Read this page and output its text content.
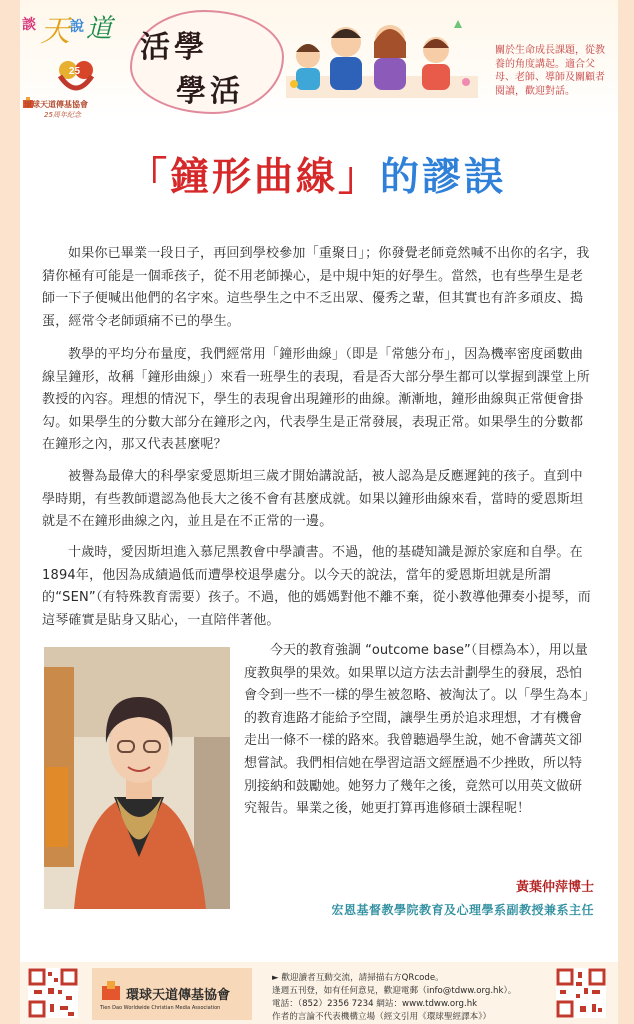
談 天 說 道
25
環球天道傳基協會
25周年紀念
活學
學活
關於生命成長課題，從教養的角度講起。適合父母、老師、導師及關顧者閱讀，歡迎對話。
「鐘形曲線」的謬誤
如果你已畢業一段日子，再回到學校參加「重聚日」；你發覺老師竟然喊不出你的名字，我猜你極有可能是一個乖孩子，從不用老師操心，是中規中矩的好學生。當然，也有些學生是老師一下子便喊出他們的名字來。這些學生之中不乏出眾、優秀之輩，但其實也有許多頑皮、搗蛋，經常令老師頭痛不已的學生。
教學的平均分布量度，我們經常用「鐘形曲線」（即是「常態分布」，因為機率密度函數曲線呈鐘形，故稱「鐘形曲線」）來看一班學生的表現，看是否大部分學生都可以掌握到課堂上所教授的內容。理想的情況下，學生的表現會出現鐘形的曲線。漸漸地，鐘形曲線與正常便會掛勾。如果學生的分數大部分在鐘形之內，代表學生是正常發展，表現正常。如果學生的分數都在鐘形之內，那又代表甚麼呢？
被譽為最偉大的科學家愛恩斯坦三歲才開始講說話，被人認為是反應遲鈍的孩子。直到中學時期，有些教師還認為他長大之後不會有甚麼成就。如果以鐘形曲線來看，當時的愛恩斯坦就是不在鐘形曲線之內，並且是在不正常的一邊。
十歲時，愛因斯坦進入慕尼黑教會中學讀書。不過，他的基礎知識是源於家庭和自學。在1894年，他因為成績過低而遭學校退學處分。以今天的說法，當年的愛恩斯坦就是所謂的“SEN”（有特殊教育需要）孩子。不過，他的媽媽對他不離不棄，從小教導他彈奏小提琴，而這琴確實是貼身又貼心，一直陪伴著他。
今天的教育強調 “outcome base”（目標為本），用以量度教與學的果效。如果單以這方法去計劃學生的發展，恐怕會令到一些不一樣的學生被忽略、被淘汰了。以「學生為本」的教育進路才能給予空間，讓學生勇於追求理想，才有機會走出一條不一樣的路來。我曾聽過學生說，她不會講英文卻想嘗試。我們相信她在學習這語文經歷過不少挫敗，所以特別接納和鼓勵她。她努力了幾年之後，竟然可以用英文做研究報告。畢業之後，她更打算再進修碩士課程呢！
黃葉仲萍博士
宏恩基督教學院教育及心理學系副教授兼系主任
環球天道傳基協會
Tien Dao Worldwide Christian Media Association
► 歡迎讀者互動交流，請掃描右方QRcode。
逢週五刊登，如有任何意見，歡迎電郵（info@tdww.org.hk）。
電話：（852）2356 7234 網站：www.tdww.org.hk
作者的言論不代表機構立場（經文引用《環球聖經譯本》）
